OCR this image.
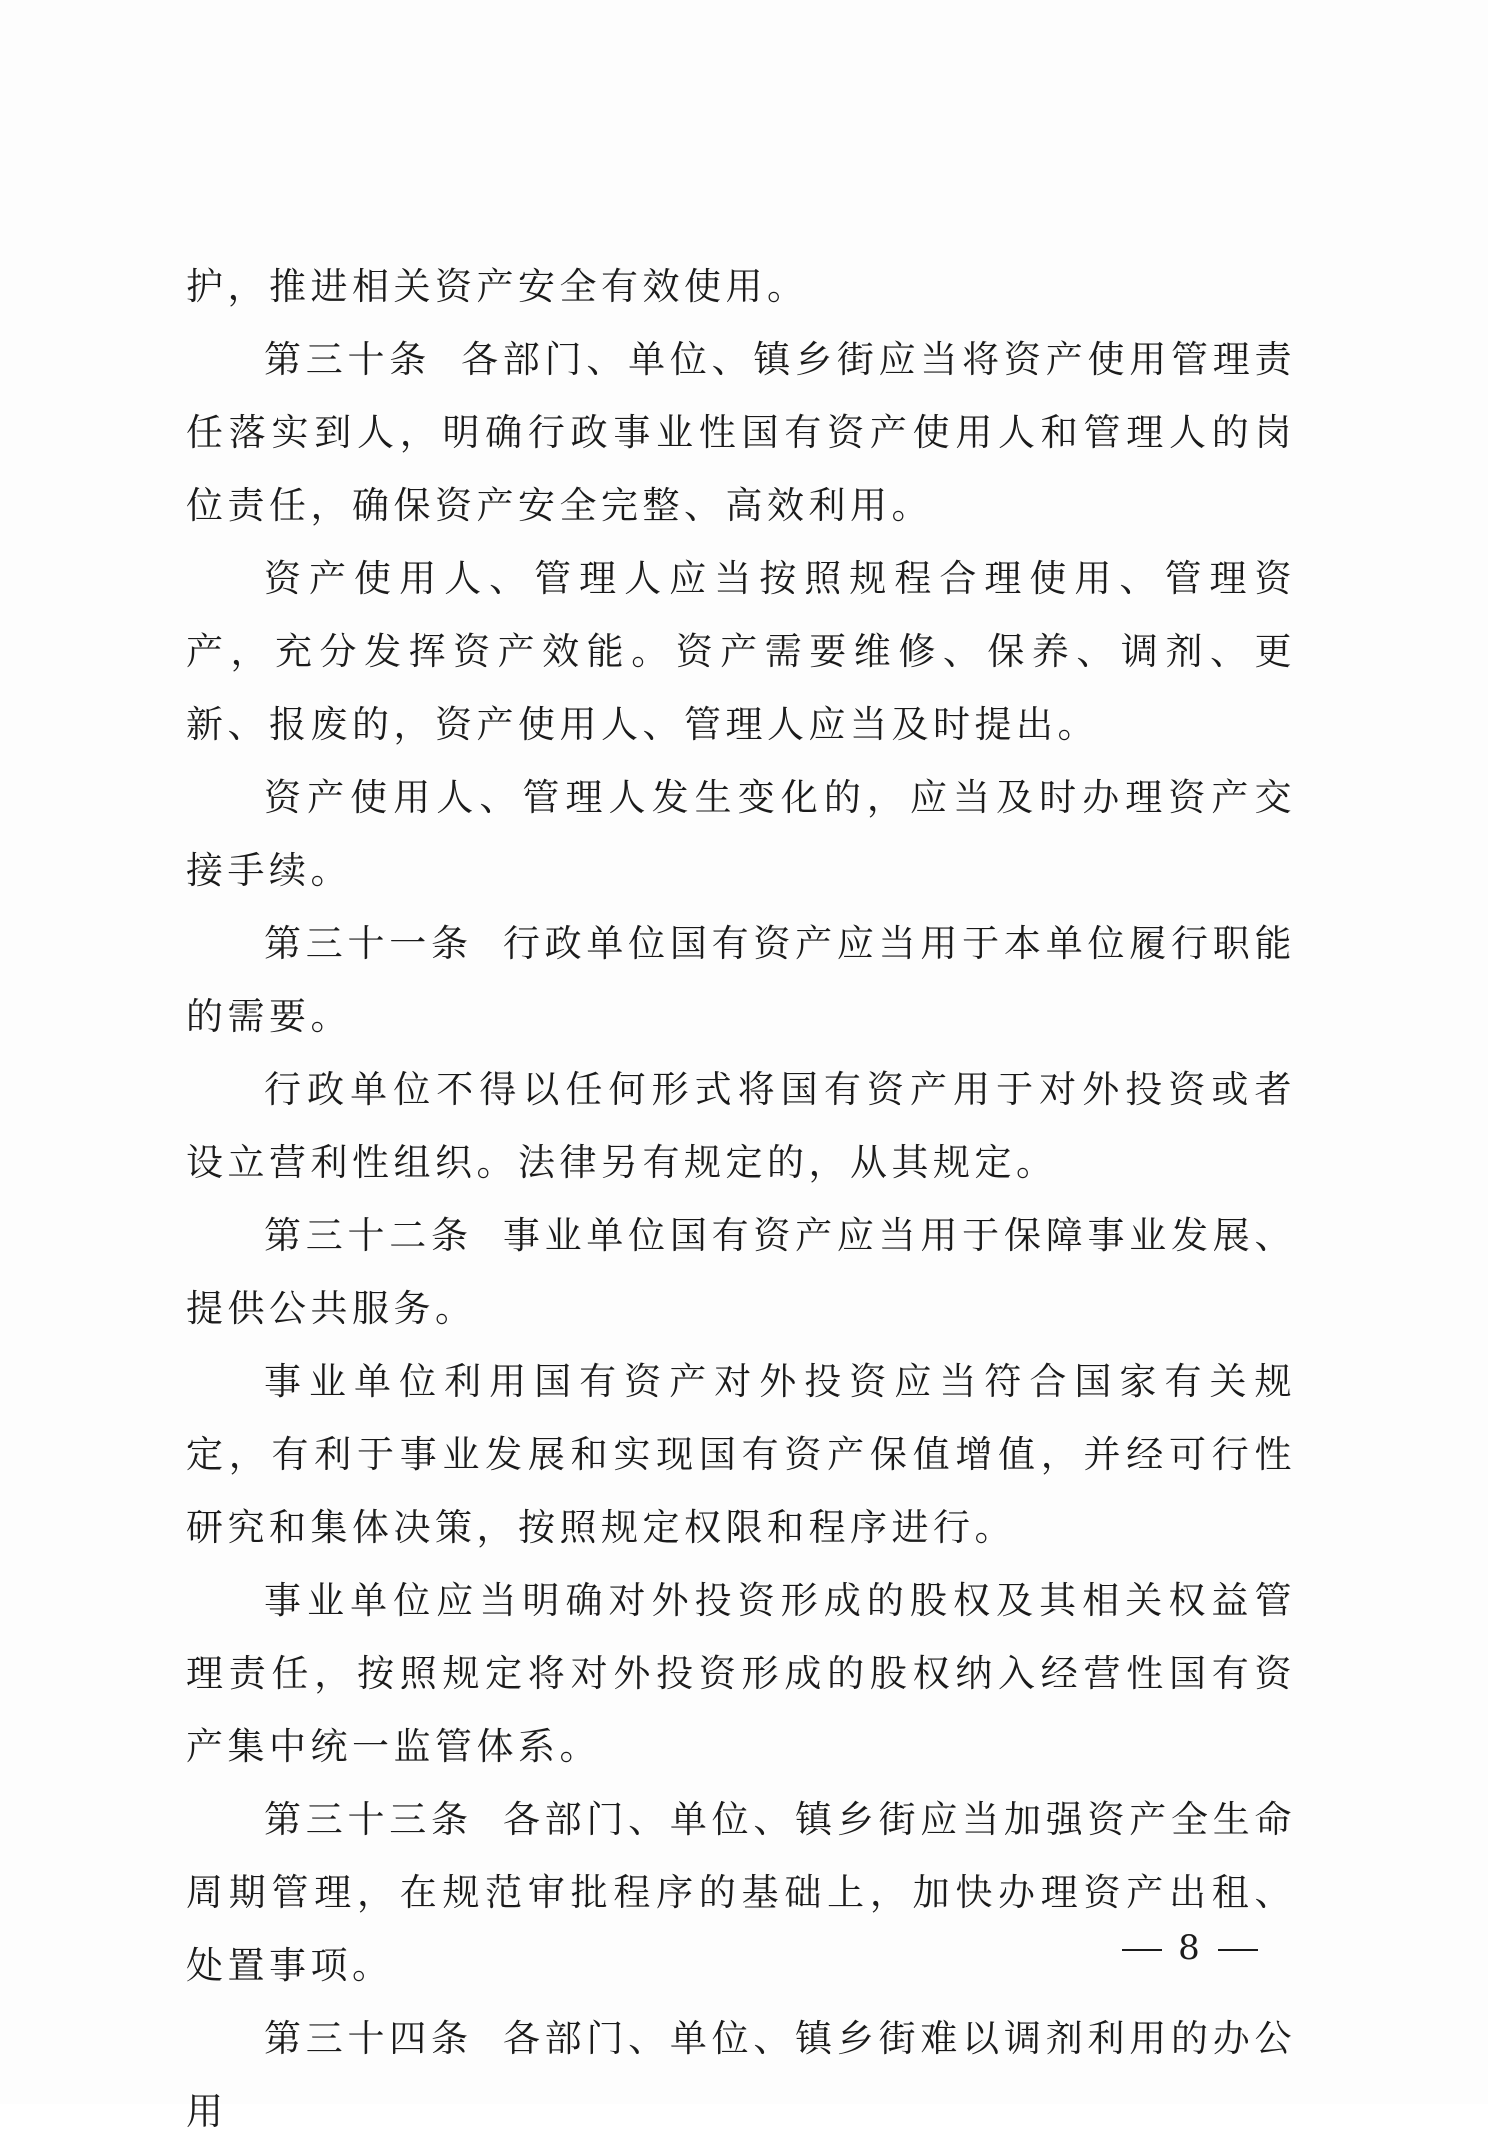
护，推进相关资产安全有效使用。

第三十条 各部门、单位、镇乡街应当将资产使用管理责任落实到人，明确行政事业性国有资产使用人和管理人的岗位责任，确保资产安全完整、高效利用。

资产使用人、管理人应当按照规程合理使用、管理资产，充分发挥资产效能。资产需要维修、保养、调剂、更新、报废的，资产使用人、管理人应当及时提出。

资产使用人、管理人发生变化的，应当及时办理资产交接手续。

第三十一条 行政单位国有资产应当用于本单位履行职能的需要。

行政单位不得以任何形式将国有资产用于对外投资或者设立营利性组织。法律另有规定的，从其规定。

第三十二条 事业单位国有资产应当用于保障事业发展、提供公共服务。

事业单位利用国有资产对外投资应当符合国家有关规定，有利于事业发展和实现国有资产保值增值，并经可行性研究和集体决策，按照规定权限和程序进行。

事业单位应当明确对外投资形成的股权及其相关权益管理责任，按照规定将对外投资形成的股权纳入经营性国有资产集中统一监管体系。

第三十三条 各部门、单位、镇乡街应当加强资产全生命周期管理，在规范审批程序的基础上，加快办理资产出租、处置事项。

第三十四条 各部门、单位、镇乡街难以调剂利用的办公用

8
